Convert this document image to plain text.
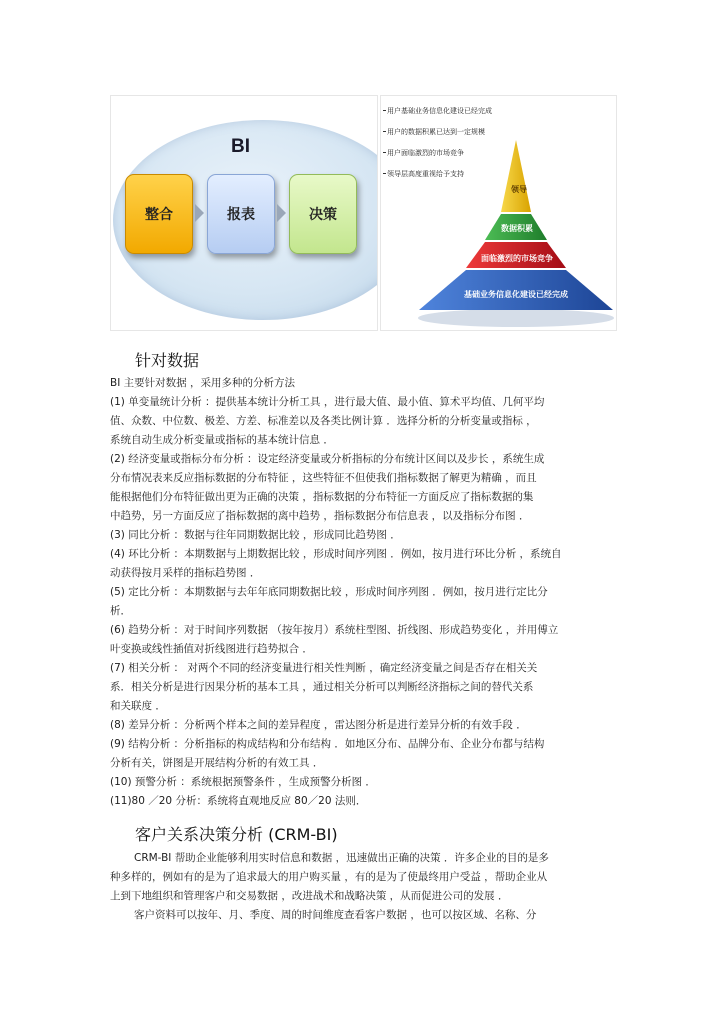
BI
整合	报表	决策
用户基础业务信息化建设已经完成
用户的数据积累已达到一定规模
用户面临激烈的市场竞争
领导层高度重视给予支持
领导
数据积累
面临激烈的市场竞争
基础业务信息化建设已经完成
针对数据
BI 主要针对数据 ，采用多种的分析方法
(1) 单变量统计分析 ：提供基本统计分析工具 ，进行最大值、最小值、算术平均值、几何平均
值、众数、中位数、极差、方差、标准差以及各类比例计算 ．选择分析的分析变量或指标 ，
系统自动生成分析变量或指标的基本统计信息 ．
(2) 经济变量或指标分布分析 ：设定经济变量或分析指标的分布统计区间以及步长 ，系统生成
分布情况表来反应指标数据的分布特征 ，这些特征不但使我们指标数据了解更为精确 ，而且
能根据他们分布特征做出更为正确的决策 ，指标数据的分布特征一方面反应了指标数据的集
中趋势，另一方面反应了指标数据的离中趋势 ，指标数据分布信息表 ，以及指标分布图 ．
(3) 同比分析 ：数据与往年同期数据比较 ，形成同比趋势图 ．
(4) 环比分析 ：本期数据与上期数据比较 ，形成时间序列图 ．例如，按月进行环比分析 ，系统自
动获得按月采样的指标趋势图 ．
(5) 定比分析 ：本期数据与去年年底同期数据比较 ，形成时间序列图 ．例如，按月进行定比分
析．
(6) 趋势分析 ：对于时间序列数据 （按年按月）系统柱型图、折线图、形成趋势变化 ，并用傅立
叶变换或线性插值对折线图进行趋势拟合 ．
(7) 相关分析 ： 对两个不同的经济变量进行相关性判断 ，确定经济变量之间是否存在相关关
系．相关分析是进行因果分析的基本工具 ，通过相关分析可以判断经济指标之间的替代关系
和关联度 ．
(8) 差异分析 ：分析两个样本之间的差异程度 ，雷达图分析是进行差异分析的有效手段 ．
(9) 结构分析 ：分析指标的构成结构和分布结构 ．如地区分布、品牌分布、企业分布都与结构
分析有关，饼图是开展结构分析的有效工具 ．
(10) 预警分析 ：系统根据预警条件 ，生成预警分析图 ．
(11)80 ／20 分析：系统将直观地反应 80／20 法则．
客户关系决策分析 (CRM-BI)
CRM-BI 帮助企业能够利用实时信息和数据 ，迅速做出正确的决策 ．许多企业的目的是多
种多样的，例如有的是为了追求最大的用户购买量 ，有的是为了使最终用户受益 ，帮助企业从
上到下地组织和管理客户和交易数据 ，改进战术和战略决策 ，从而促进公司的发展 ．
客户资料可以按年、月、季度、周的时间维度查看客户数据 ，也可以按区域、名称、分
